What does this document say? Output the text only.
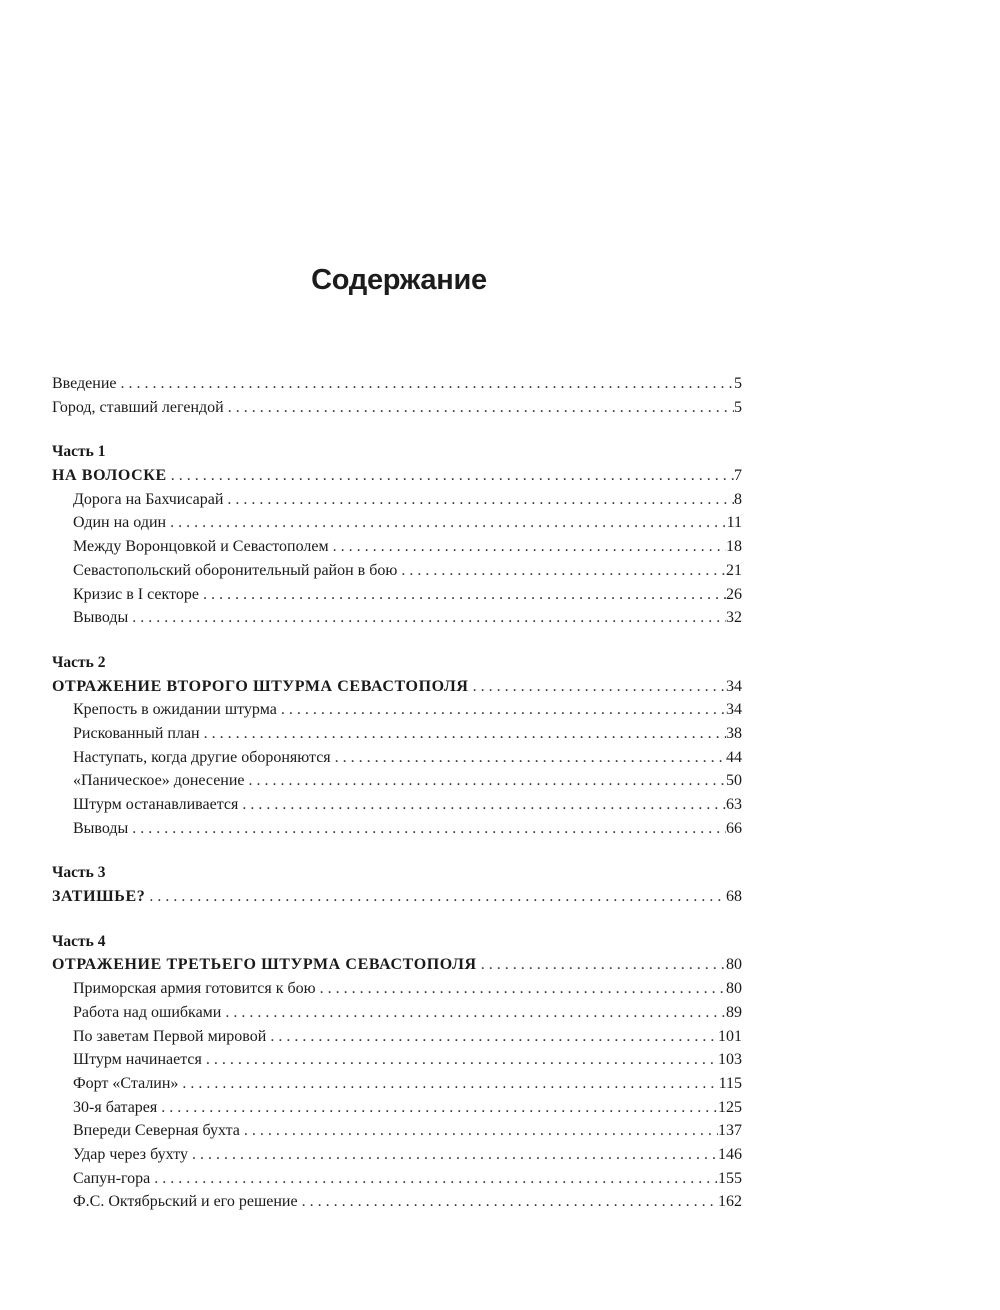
Содержание
Введение . . .	5
Город, ставший легендой . . .	5
Часть 1
НА ВОЛОСКЕ . . .	7
Дорога на Бахчисарай . . .	8
Один на один . . .	11
Между Воронцовкой и Севастополем . . .	18
Севастопольский оборонительный район в бою . . .	21
Кризис в I секторе . . .	26
Выводы . . .	32
Часть 2
ОТРАЖЕНИЕ ВТОРОГО ШТУРМА СЕВАСТОПОЛЯ . . .	34
Крепость в ожидании штурма . . .	34
Рискованный план . . .	38
Наступать, когда другие обороняются . . .	44
«Паническое» донесение . . .	50
Штурм останавливается . . .	63
Выводы . . .	66
Часть 3
ЗАТИШЬЕ? . . .	68
Часть 4
ОТРАЖЕНИЕ ТРЕТЬЕГО ШТУРМА СЕВАСТОПОЛЯ . . .	80
Приморская армия готовится к бою . . .	80
Работа над ошибками . . .	89
По заветам Первой мировой . . .	101
Штурм начинается . . .	103
Форт «Сталин» . . .	115
30-я батарея . . .	125
Впереди Северная бухта . . .	137
Удар через бухту . . .	146
Сапун-гора . . .	155
Ф.С. Октябрьский и его решение . . .	162
